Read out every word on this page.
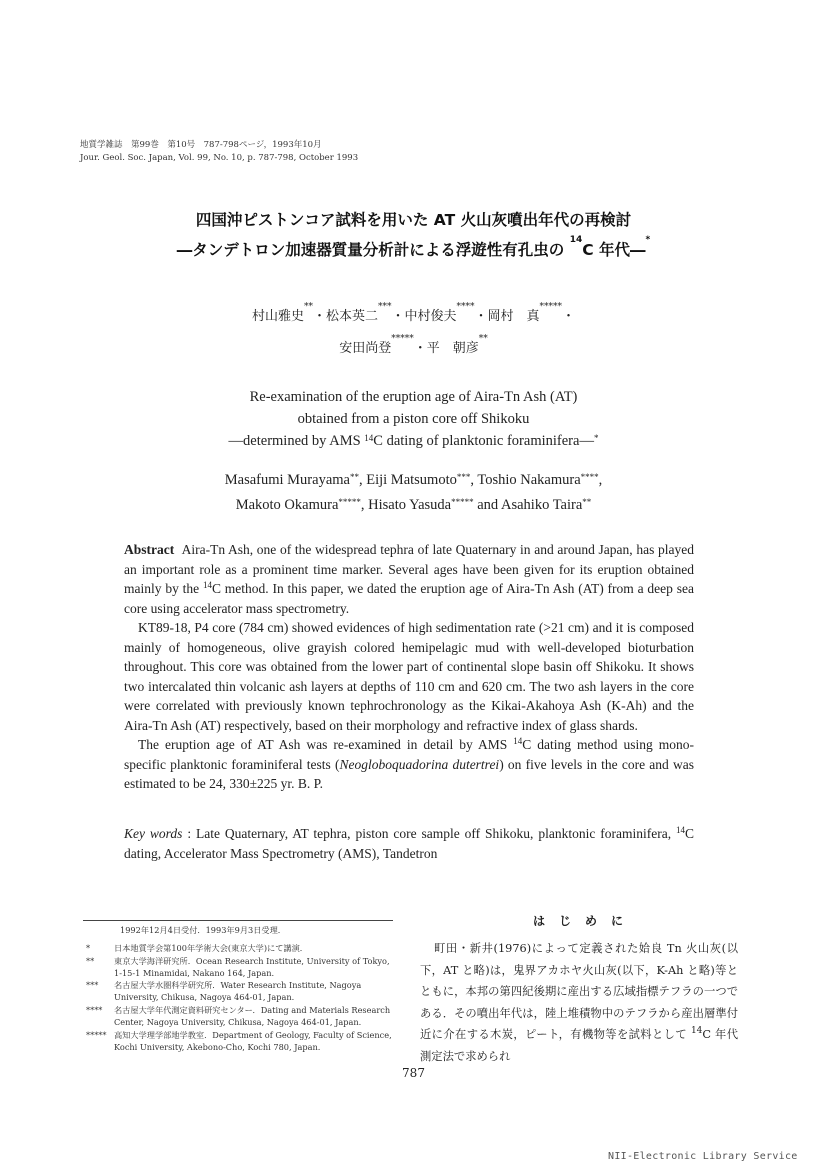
地質学雑誌　第99巻　第10号　787-798ページ，1993年10月
Jour. Geol. Soc. Japan, Vol. 99, No. 10, p. 787-798, October 1993
四国沖ピストンコア試料を用いた AT 火山灰噴出年代の再検討
―タンデトロン加速器質量分析計による浮遊性有孔虫の $^{14}$C 年代―*
村山雅史**・松本英二***・中村俊夫****・岡村　真*****・
安田尚登*****・平　朝彦**
Re-examination of the eruption age of Aira-Tn Ash (AT)
obtained from a piston core off Shikoku
—determined by AMS $^{14}$C dating of planktonic foraminifera—*
Masafumi Murayama**, Eiji Matsumoto***, Toshio Nakamura****,
Makoto Okamura*****, Hisato Yasuda***** and Asahiko Taira**

Abstract Aira-Tn Ash, one of the widespread tephra of late Quaternary in and around Japan, has played an important role as a prominent time marker. Several ages have been given for its eruption obtained mainly by the $^{14}$C method. In this paper, we dated the eruption age of Aira-Tn Ash (AT) from a deep sea core using accelerator mass spectrometry.

KT89-18, P4 core (784 cm) showed evidences of high sedimentation rate (>21 cm) and it is composed mainly of homogeneous, olive grayish colored hemipelagic mud with well-developed bioturbation throughout. This core was obtained from the lower part of continental slope basin off Shikoku. It shows two intercalated thin volcanic ash layers at depths of 110 cm and 620 cm. The two ash layers in the core were correlated with previously known tephrochronology as the Kikai-Akahoya Ash (K-Ah) and the Aira-Tn Ash (AT) respectively, based on their morphology and refractive index of glass shards.

The eruption age of AT Ash was re-examined in detail by AMS $^{14}$C dating method using mono-specific planktonic foraminiferal tests (Neogloboquadorina dutertrei) on five levels in the core and was estimated to be 24, 330±225 yr. B. P.

Key words : Late Quaternary, AT tephra, piston core sample off Shikoku, planktonic foraminifera, $^{14}$C dating, Accelerator Mass Spectrometry (AMS), Tandetron
1992年12月4日受付．1993年9月3日受理．
*	日本地質学会第100年学術大会(東京大学)にて講演．
**	東京大学海洋研究所．Ocean Research Institute, University of Tokyo, 1-15-1 Minamidai, Nakano 164, Japan.
***	名古屋大学水圏科学研究所．Water Research Institute, Nagoya University, Chikusa, Nagoya 464-01, Japan.
****	名古屋大学年代測定資料研究センター．Dating and Materials Research Center, Nagoya University, Chikusa, Nagoya 464-01, Japan.
***** 高知大学理学部地学教室．Department of Geology, Faculty of Science, Kochi University, Akebono-Cho, Kochi 780, Japan.
はじめに
町田・新井(1976)によって定義された姶良 Tn 火山灰(以下，AT と略)は，鬼界アカホヤ火山灰(以下，K-Ah と略)等とともに，本邦の第四紀後期に産出する広域指標テフラの一つである．その噴出年代は，陸上堆積物中のテフラから産出層準付近に介在する木炭，ピート，有機物等を試料として $^{14}$C 年代測定法で求められ
787
NII-Electronic Library Service
